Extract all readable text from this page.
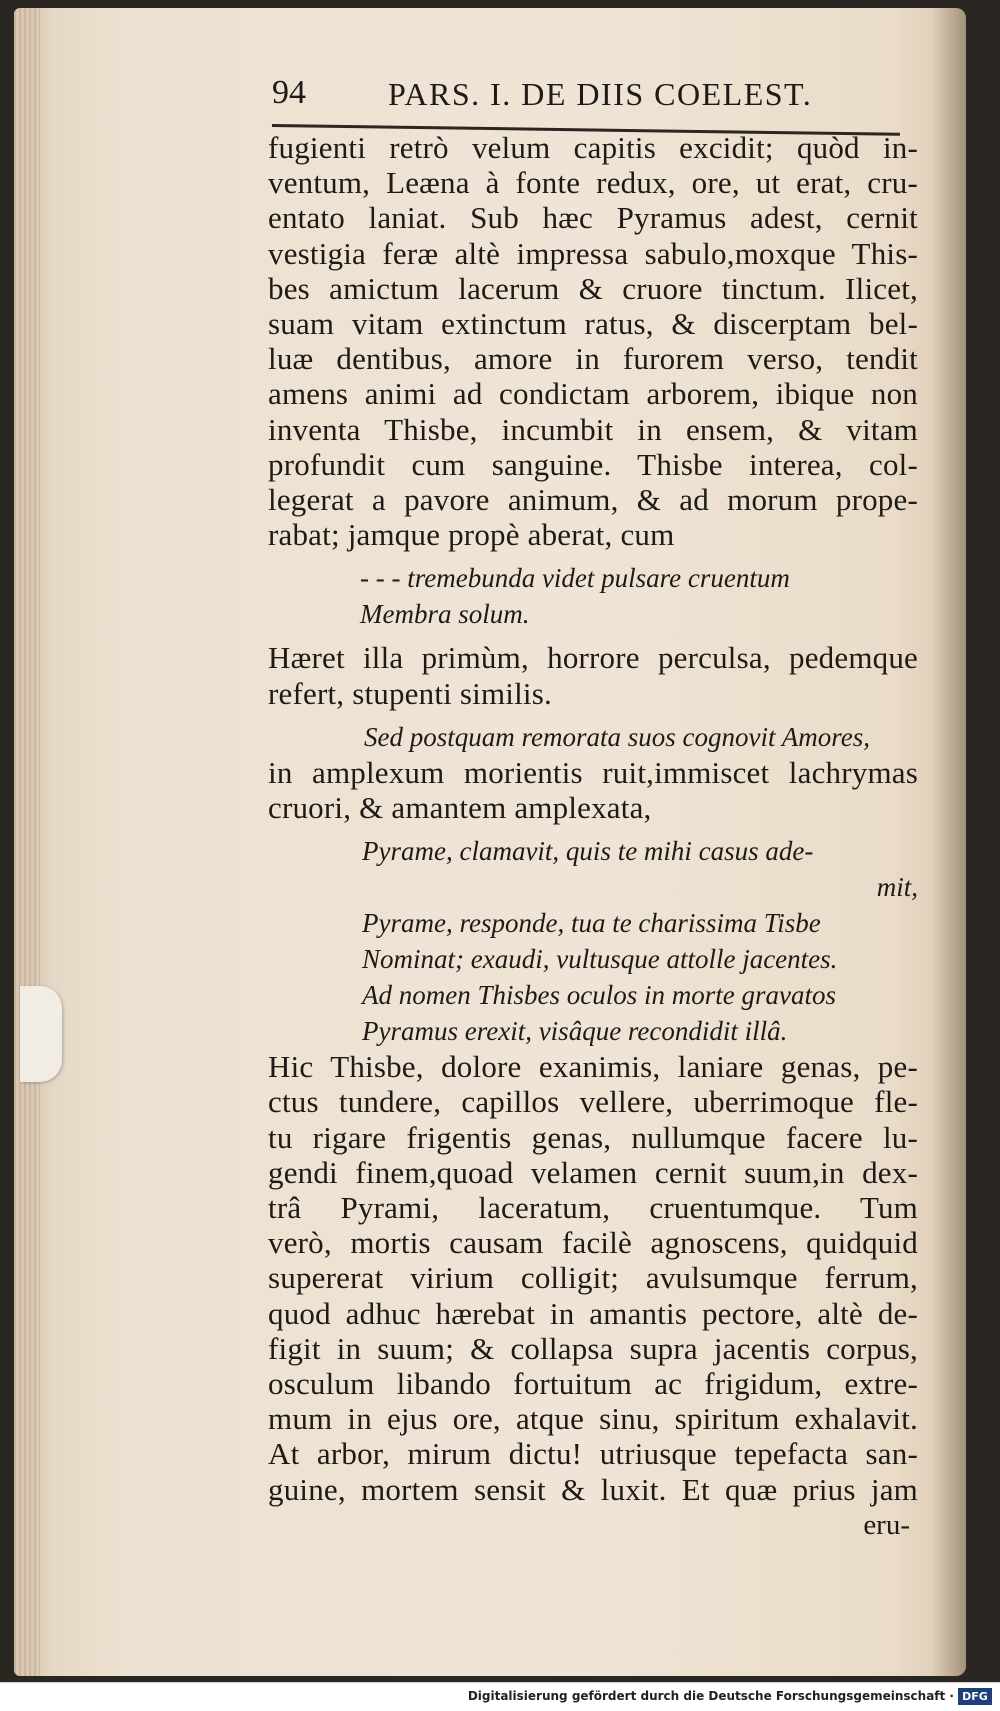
94	PARS. I. DE DIIS COELEST.
fugienti retrò velum capitis excidit; quòd in-
ventum, Leæna à fonte redux, ore, ut erat, cru-
entato laniat. Sub hæc Pyramus adest, cernit
vestigia feræ altè impressa sabulo,moxque This-
bes amictum lacerum & cruore tinctum. Ilicet,
suam vitam extinctum ratus, & discerptam bel-
luæ dentibus, amore in furorem verso, tendit
amens animi ad condictam arborem, ibique non
inventa Thisbe, incumbit in ensem, & vitam
profundit cum sanguine. Thisbe interea, col-
legerat a pavore animum, & ad morum prope-
rabat; jamque propè aberat, cum
- - - tremebunda videt pulsare cruentum
Membra solum.
Hæret illa primùm, horrore perculsa, pedemque
refert, stupenti similis.
Sed postquam remorata suos cognovit Amores,
in amplexum morientis ruit,immiscet lachrymas
cruori, & amantem amplexata,
Pyrame, clamavit, quis te mihi casus ade-
mit,
Pyrame, responde, tua te charissima Tisbe
Nominat; exaudi, vultusque attolle jacentes.
Ad nomen Thisbes oculos in morte gravatos
Pyramus erexit, visâque recondidit illâ.
Hic Thisbe, dolore exanimis, laniare genas, pe-
ctus tundere, capillos vellere, uberrimoque fle-
tu rigare frigentis genas, nullumque facere lu-
gendi finem,quoad velamen cernit suum,in dex-
trâ Pyrami, laceratum, cruentumque. Tum
verò, mortis causam facilè agnoscens, quidquid
supererat virium colligit; avulsumque ferrum,
quod adhuc hærebat in amantis pectore, altè de-
figit in suum; & collapsa supra jacentis corpus,
osculum libando fortuitum ac frigidum, extre-
mum in ejus ore, atque sinu, spiritum exhalavit.
At arbor, mirum dictu! utriusque tepefacta san-
guine, mortem sensit & luxit. Et quæ prius jam
eru-
Digitalisierung gefördert durch die Deutsche Forschungsgemeinschaft · DFG
